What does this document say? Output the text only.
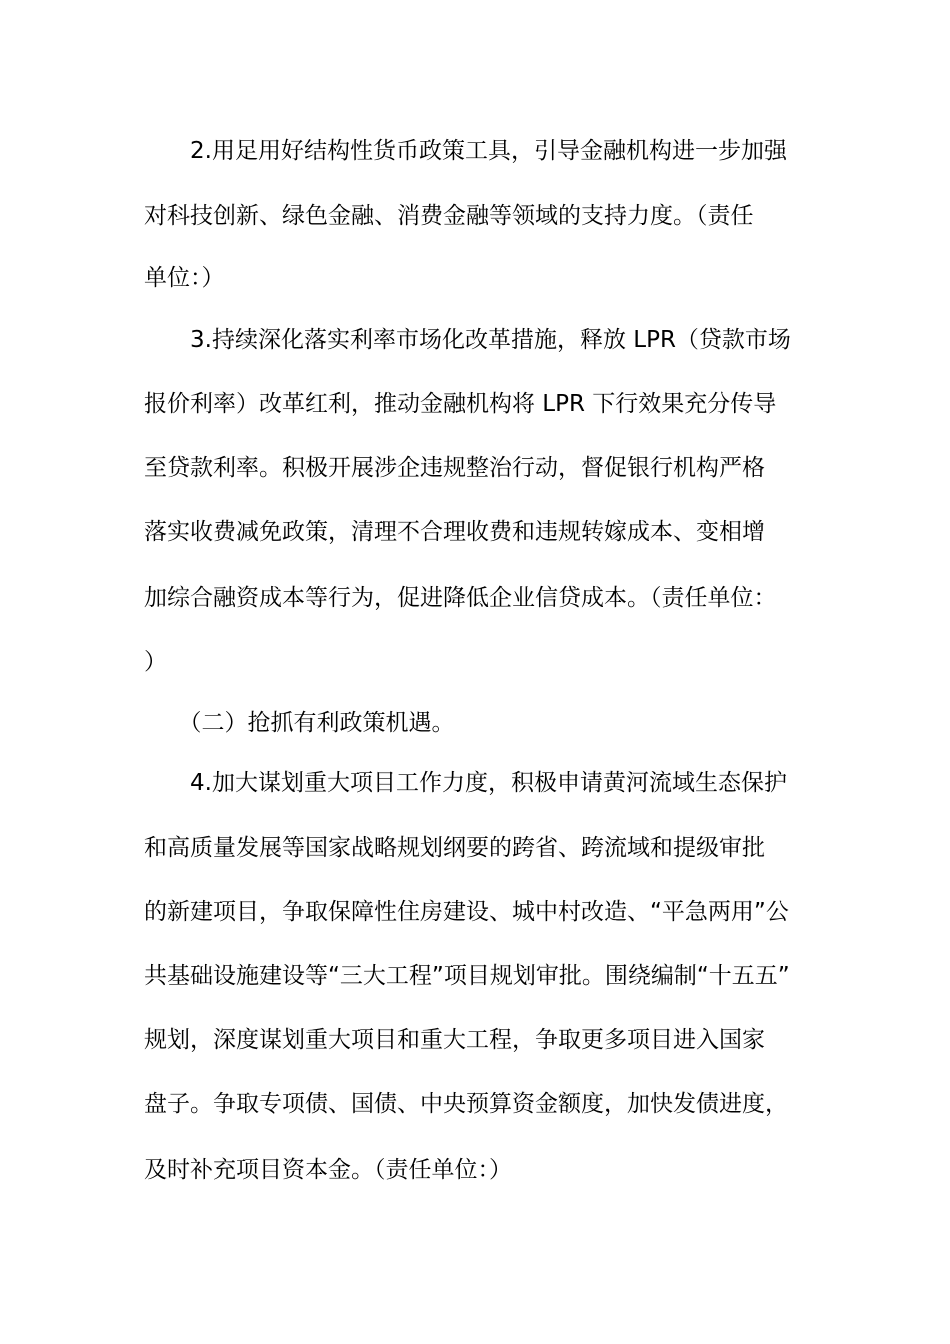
　　2.用足用好结构性货币政策工具，引导金融机构进一步加强
对科技创新、绿色金融、消费金融等领域的支持力度。（责任
单位：）
　　3.持续深化落实利率市场化改革措施，释放 LPR（贷款市场
报价利率）改革红利，推动金融机构将 LPR 下行效果充分传导
至贷款利率。积极开展涉企违规整治行动，督促银行机构严格
落实收费减免政策，清理不合理收费和违规转嫁成本、变相增
加综合融资成本等行为，促进降低企业信贷成本。（责任单位：
）
　　（二）抢抓有利政策机遇。
　　4.加大谋划重大项目工作力度，积极申请黄河流域生态保护
和高质量发展等国家战略规划纲要的跨省、跨流域和提级审批
的新建项目，争取保障性住房建设、城中村改造、“平急两用”公
共基础设施建设等“三大工程”项目规划审批。围绕编制“十五五”
规划，深度谋划重大项目和重大工程，争取更多项目进入国家
盘子。争取专项债、国债、中央预算资金额度，加快发债进度，
及时补充项目资本金。（责任单位：）
